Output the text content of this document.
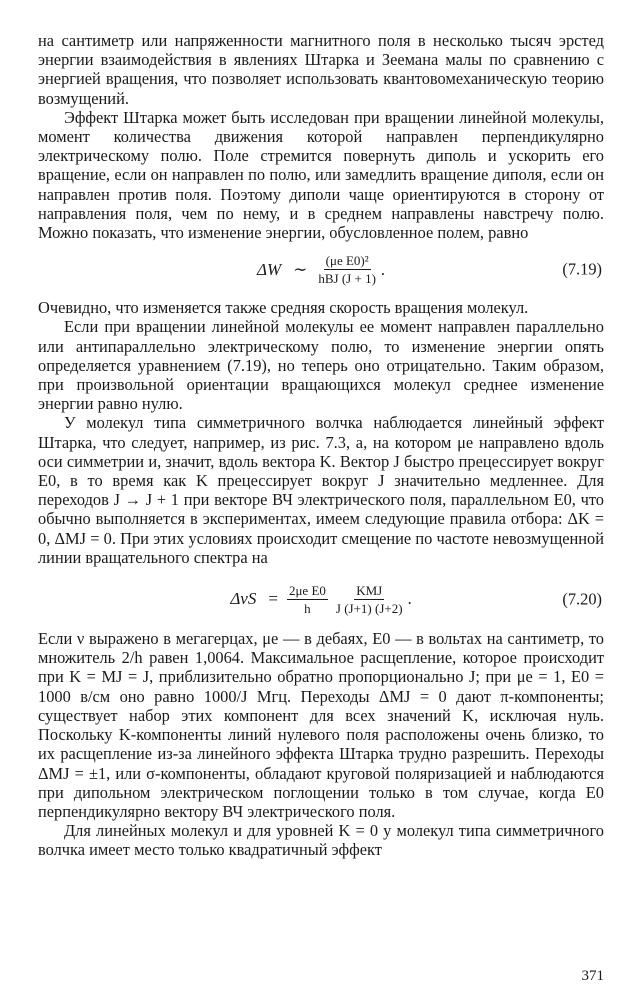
на сантиметр или напряженности магнитного поля в несколько тысяч эрстед энергии взаимодействия в явлениях Штарка и Зеемана малы по сравнению с энергией вращения, что позволяет использовать квантовомеханическую теорию возмущений.

Эффект Штарка может быть исследован при вращении линейной молекулы, момент количества движения которой направлен перпендикулярно электрическому полю. Поле стремится повернуть диполь и ускорить его вращение, если он направлен по полю, или замедлить вращение диполя, если он направлен против поля. Поэтому диполи чаще ориентируются в сторону от направления поля, чем по нему, и в среднем направлены навстречу полю. Можно показать, что изменение энергии, обусловленное полем, равно

ΔW ∼ $\frac{\text{(μe E0)²}}{\text{hBJ (J + 1)}}$ .	(7.19)

Очевидно, что изменяется также средняя скорость вращения молекул.

Если при вращении линейной молекулы ее момент направлен параллельно или антипараллельно электрическому полю, то изменение энергии опять определяется уравнением (7.19), но теперь оно отрицательно. Таким образом, при произвольной ориентации вращающихся молекул среднее изменение энергии равно нулю.

У молекул типа симметричного волчка наблюдается линейный эффект Штарка, что следует, например, из рис. 7.3, а, на котором μe направлено вдоль оси симметрии и, значит, вдоль вектора K. Вектор J быстро прецессирует вокруг E0, в то время как K прецессирует вокруг J значительно медленнее. Для переходов J → J + 1 при векторе ВЧ электрического поля, параллельном E0, что обычно выполняется в экспериментах, имеем следующие правила отбора: ΔK = 0, ΔMJ = 0. При этих условиях происходит смещение по частоте невозмущенной линии вращательного спектра на

$\Delta\nu S = \frac{\text{2μe E0}}{h} \frac{\text{KMJ}}{J (J+1) (J+2)}$ .	(7.20)

Если ν выражено в мегагерцах, μe — в дебаях, E0 — в вольтах на сантиметр, то множитель 2/h равен 1,0064. Максимальное расщепление, которое происходит при K = MJ = J, приблизительно обратно пропорционально J; при μe = 1, E0 = 1000 в/см оно равно 1000/J Мгц. Переходы ΔMJ = 0 дают π-компоненты; существует набор этих компонент для всех значений K, исключая нуль. Поскольку K-компоненты линий нулевого поля расположены очень близко, то их расщепление из-за линейного эффекта Штарка трудно разрешить. Переходы ΔMJ = ±1, или σ-компоненты, обладают круговой поляризацией и наблюдаются при дипольном электрическом поглощении только в том случае, когда E0 перпендикулярно вектору ВЧ электрического поля.

Для линейных молекул и для уровней K = 0 у молекул типа симметричного волчка имеет место только квадратичный эффект

371
